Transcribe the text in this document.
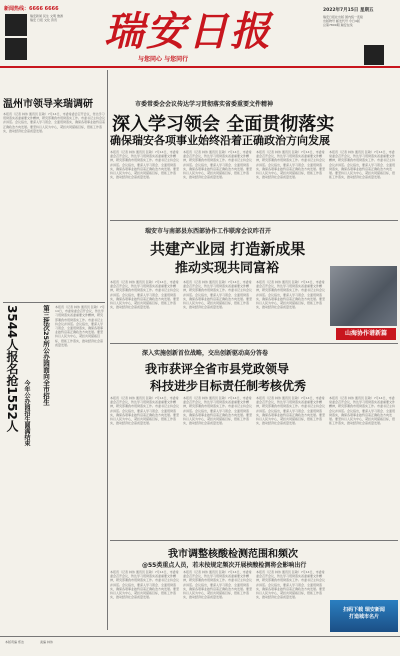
新闻热线：6666 6666
瑞安新闻 民生 文明 旅游
瑞安 日报 文化 资讯	瑞安日报
与您同心 与您同行
2022年7月15日 星期五
瑞安日报社出版 国内统一连续出版物号 邮发代号 今日4版 总第7809期 瑞安在线
温州市领导来瑞调研
本报讯（记者 林伟 通讯员 张敏）7月14日，市委常委会召开会议，传达学习贯彻落实省委重要文件精神，研究部署我市贯彻落实工作。市委书记主持会议并讲话。会议指出，要深入学习领会、全面贯彻落实，确保各项事业始终沿着正确政治方向发展。要坚持以人民为中心，紧扣共同富裕目标，狠抓工作落实，推动经济社会高质量发展。
第三批次25所公办园面向全市招生
3544人报名抢1552人 今年公办园招生圆满结束
本报讯（记者 林伟 通讯员 张敏）7月14日，市委常委会召开会议，传达学习贯彻落实省委重要文件精神，研究部署我市贯彻落实工作。市委书记主持会议并讲话。会议指出，要深入学习领会、全面贯彻落实，确保各项事业始终沿着正确政治方向发展。要坚持以人民为中心，紧扣共同富裕目标，狠抓工作落实，推动经济社会高质量发展。
市委常委会会议传达学习贯彻落实省委重要文件精神
深入学习领会 全面贯彻落实
确保瑞安各项事业始终沿着正确政治方向发展
本报讯（记者 林伟 通讯员 张敏）7月14日，市委常委会召开会议，传达学习贯彻落实省委重要文件精神，研究部署我市贯彻落实工作。市委书记主持会议并讲话。会议指出，要深入学习领会、全面贯彻落实，确保各项事业始终沿着正确政治方向发展。要坚持以人民为中心，紧扣共同富裕目标，狠抓工作落实，推动经济社会高质量发展。
本报讯（记者 林伟 通讯员 张敏）7月14日，市委常委会召开会议，传达学习贯彻落实省委重要文件精神，研究部署我市贯彻落实工作。市委书记主持会议并讲话。会议指出，要深入学习领会、全面贯彻落实，确保各项事业始终沿着正确政治方向发展。要坚持以人民为中心，紧扣共同富裕目标，狠抓工作落实，推动经济社会高质量发展。
本报讯（记者 林伟 通讯员 张敏）7月14日，市委常委会召开会议，传达学习贯彻落实省委重要文件精神，研究部署我市贯彻落实工作。市委书记主持会议并讲话。会议指出，要深入学习领会、全面贯彻落实，确保各项事业始终沿着正确政治方向发展。要坚持以人民为中心，紧扣共同富裕目标，狠抓工作落实，推动经济社会高质量发展。
本报讯（记者 林伟 通讯员 张敏）7月14日，市委常委会召开会议，传达学习贯彻落实省委重要文件精神，研究部署我市贯彻落实工作。市委书记主持会议并讲话。会议指出，要深入学习领会、全面贯彻落实，确保各项事业始终沿着正确政治方向发展。要坚持以人民为中心，紧扣共同富裕目标，狠抓工作落实，推动经济社会高质量发展。
瑞安市与南部县东西部协作工作联席会议昨召开
共建产业园 打造新成果
推动实现共同富裕
本报讯（记者 林伟 通讯员 张敏）7月14日，市委常委会召开会议，传达学习贯彻落实省委重要文件精神，研究部署我市贯彻落实工作。市委书记主持会议并讲话。会议指出，要深入学习领会、全面贯彻落实，确保各项事业始终沿着正确政治方向发展。要坚持以人民为中心，紧扣共同富裕目标，狠抓工作落实，推动经济社会高质量发展。
本报讯（记者 林伟 通讯员 张敏）7月14日，市委常委会召开会议，传达学习贯彻落实省委重要文件精神，研究部署我市贯彻落实工作。市委书记主持会议并讲话。会议指出，要深入学习领会、全面贯彻落实，确保各项事业始终沿着正确政治方向发展。要坚持以人民为中心，紧扣共同富裕目标，狠抓工作落实，推动经济社会高质量发展。
本报讯（记者 林伟 通讯员 张敏）7月14日，市委常委会召开会议，传达学习贯彻落实省委重要文件精神，研究部署我市贯彻落实工作。市委书记主持会议并讲话。会议指出，要深入学习领会、全面贯彻落实，确保各项事业始终沿着正确政治方向发展。要坚持以人民为中心，紧扣共同富裕目标，狠抓工作落实，推动经济社会高质量发展。
山海协作谱新篇
深入实施创新首位战略，交出创新驱动高分答卷
我市获评全省市县党政领导
科技进步目标责任制考核优秀
本报讯（记者 林伟 通讯员 张敏）7月14日，市委常委会召开会议，传达学习贯彻落实省委重要文件精神，研究部署我市贯彻落实工作。市委书记主持会议并讲话。会议指出，要深入学习领会、全面贯彻落实，确保各项事业始终沿着正确政治方向发展。要坚持以人民为中心，紧扣共同富裕目标，狠抓工作落实，推动经济社会高质量发展。
本报讯（记者 林伟 通讯员 张敏）7月14日，市委常委会召开会议，传达学习贯彻落实省委重要文件精神，研究部署我市贯彻落实工作。市委书记主持会议并讲话。会议指出，要深入学习领会、全面贯彻落实，确保各项事业始终沿着正确政治方向发展。要坚持以人民为中心，紧扣共同富裕目标，狠抓工作落实，推动经济社会高质量发展。
本报讯（记者 林伟 通讯员 张敏）7月14日，市委常委会召开会议，传达学习贯彻落实省委重要文件精神，研究部署我市贯彻落实工作。市委书记主持会议并讲话。会议指出，要深入学习领会、全面贯彻落实，确保各项事业始终沿着正确政治方向发展。要坚持以人民为中心，紧扣共同富裕目标，狠抓工作落实，推动经济社会高质量发展。
本报讯（记者 林伟 通讯员 张敏）7月14日，市委常委会召开会议，传达学习贯彻落实省委重要文件精神，研究部署我市贯彻落实工作。市委书记主持会议并讲话。会议指出，要深入学习领会、全面贯彻落实，确保各项事业始终沿着正确政治方向发展。要坚持以人民为中心，紧扣共同富裕目标，狠抓工作落实，推动经济社会高质量发展。
我市调整核酸检测范围和频次
@55类重点人员，若未按规定频次开展核酸检测将会影响出行
本报讯（记者 林伟 通讯员 张敏）7月14日，市委常委会召开会议，传达学习贯彻落实省委重要文件精神，研究部署我市贯彻落实工作。市委书记主持会议并讲话。会议指出，要深入学习领会、全面贯彻落实，确保各项事业始终沿着正确政治方向发展。要坚持以人民为中心，紧扣共同富裕目标，狠抓工作落实，推动经济社会高质量发展。
本报讯（记者 林伟 通讯员 张敏）7月14日，市委常委会召开会议，传达学习贯彻落实省委重要文件精神，研究部署我市贯彻落实工作。市委书记主持会议并讲话。会议指出，要深入学习领会、全面贯彻落实，确保各项事业始终沿着正确政治方向发展。要坚持以人民为中心，紧扣共同富裕目标，狠抓工作落实，推动经济社会高质量发展。
本报讯（记者 林伟 通讯员 张敏）7月14日，市委常委会召开会议，传达学习贯彻落实省委重要文件精神，研究部署我市贯彻落实工作。市委书记主持会议并讲话。会议指出，要深入学习领会、全面贯彻落实，确保各项事业始终沿着正确政治方向发展。要坚持以人民为中心，紧扣共同富裕目标，狠抓工作落实，推动经济社会高质量发展。
扫码下载 瑞安新闻
打造城市名片
本版责编 郑洁	美编 林伟
